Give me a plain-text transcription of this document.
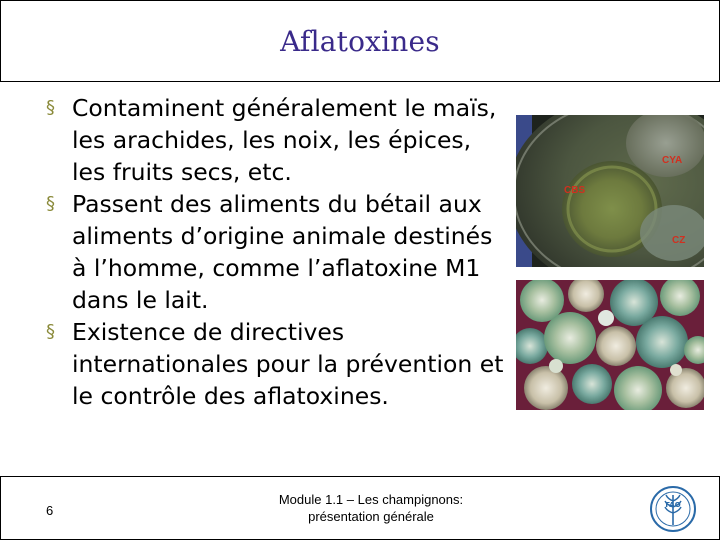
Aflatoxines
§ Contaminent généralement le maïs, les arachides, les noix, les épices, les fruits secs, etc.
§ Passent des aliments du bétail aux aliments d’origine animale destinés à l’homme, comme l’aflatoxine M1 dans le lait.
§ Existence de directives internationales pour la prévention et le contrôle des aflatoxines.
CYA
CBS
CZ
6
Module 1.1 – Les champignons:
présentation générale
FAO
